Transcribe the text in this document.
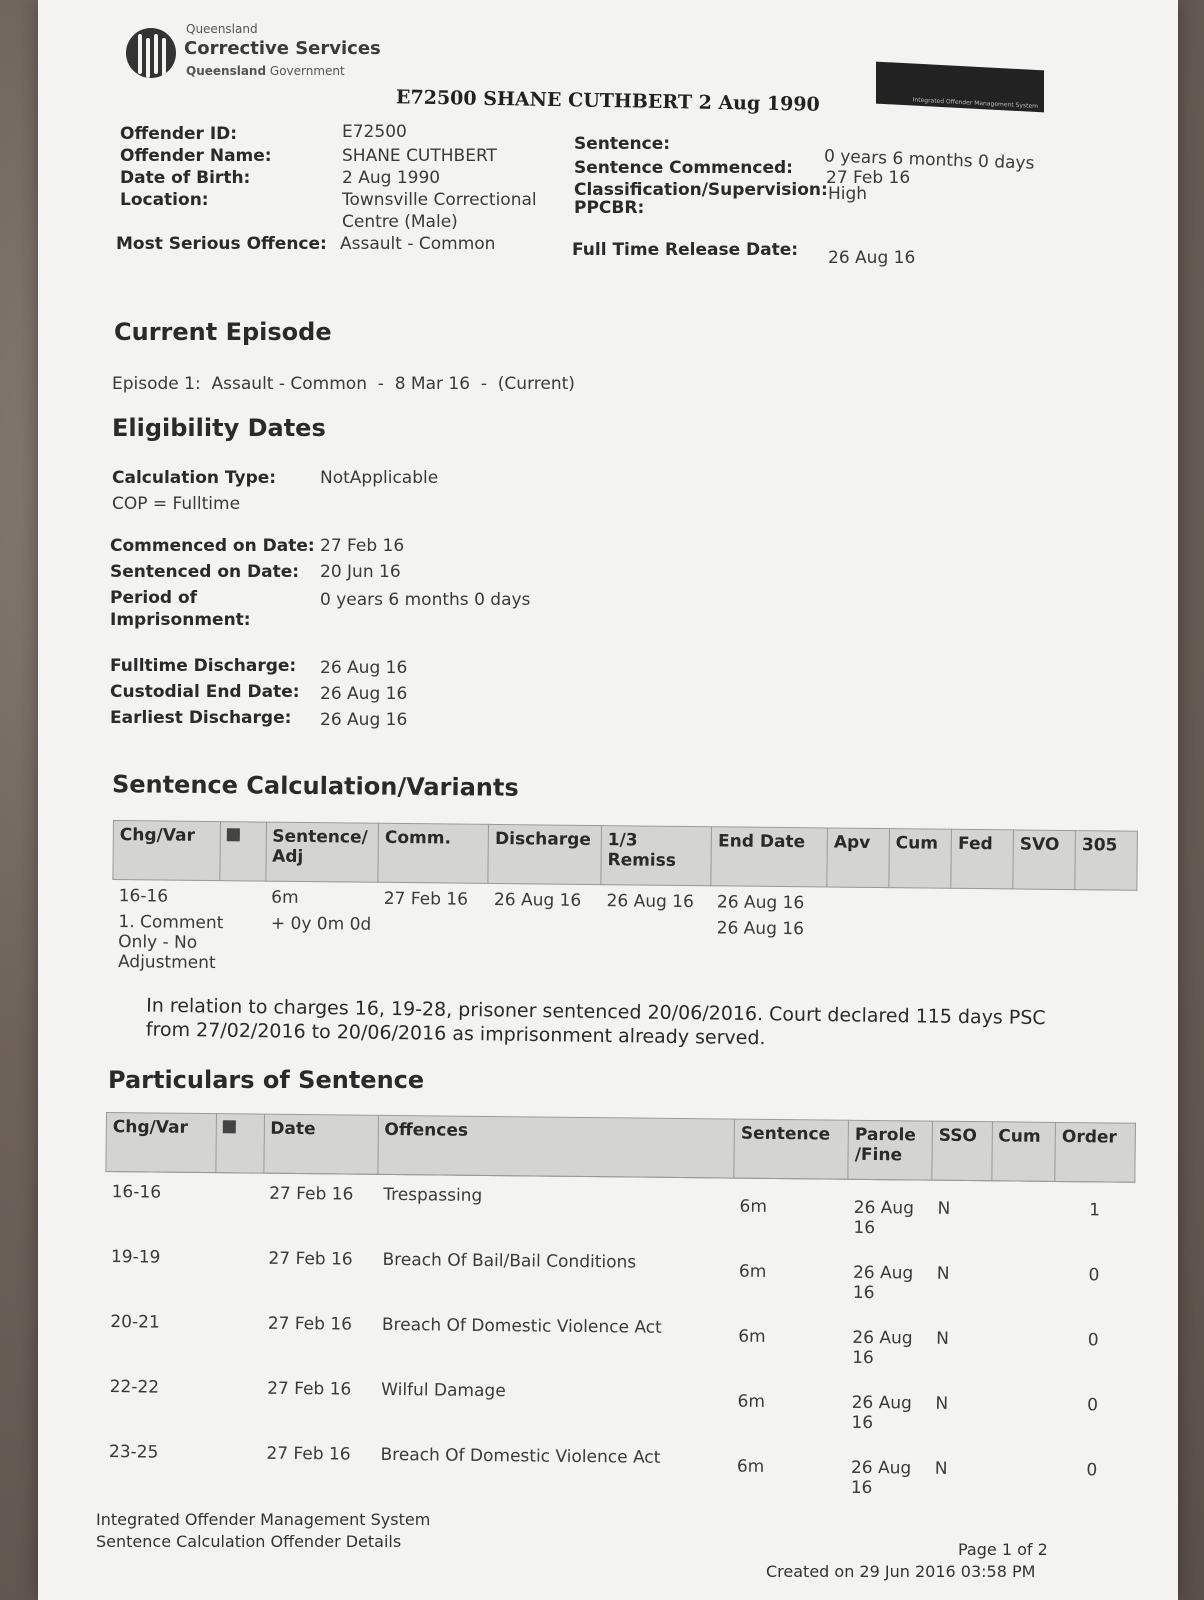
Queensland
Corrective Services
Queensland Government
Integrated Offender Management System
E72500 SHANE CUTHBERT 2 Aug 1990
Offender ID:	E72500
Offender Name:	SHANE CUTHBERT
Date of Birth:	2 Aug 1990
Location:	Townsville Correctional
Centre (Male)
Most Serious Offence: Assault - Common
Sentence:
Sentence Commenced:
Classification/Supervision: High
PPCBR:
0 years 6 months 0 days
27 Feb 16
Full Time Release Date: 26 Aug 16
Current Episode
Episode 1: Assault - Common  -  8 Mar 16  -  (Current)
Eligibility Dates
Calculation Type:	NotApplicable
COP = Fulltime
Commenced on Date: 27 Feb 16
Sentenced on Date: 20 Jun 16
Period of
Imprisonment:
0 years 6 months 0 days
Fulltime Discharge: 26 Aug 16
Custodial End Date: 26 Aug 16
Earliest Discharge: 26 Aug 16
Sentence Calculation/Variants
Chg/Var		Sentence/ Adj	Comm.	Discharge	1/3 Remiss	End Date	Apv	Cum	Fed	SVO	305
16-16		6m	27 Feb 16	26 Aug 16	26 Aug 16	26 Aug 16					
1. Comment Only - No Adjustment		+ 0y 0m 0d				26 Aug 16					
In relation to charges 16, 19-28, prisoner sentenced 20/06/2016. Court declared 115 days PSC from 27/02/2016 to 20/06/2016 as imprisonment already served.
Particulars of Sentence
Chg/Var		Date	Offences	Sentence	Parole /Fine	SSO	Cum	Order
16-16		27 Feb 16	Trespassing	6m	26 Aug 16	N		1
19-19		27 Feb 16	Breach Of Bail/Bail Conditions	6m	26 Aug 16	N		0
20-21		27 Feb 16	Breach Of Domestic Violence Act	6m	26 Aug 16	N		0
22-22		27 Feb 16	Wilful Damage	6m	26 Aug 16	N		0
23-25		27 Feb 16	Breach Of Domestic Violence Act	6m	26 Aug 16	N		0
Integrated Offender Management System
Sentence Calculation Offender Details	Page 1 of 2
Created on 29 Jun 2016 03:58 PM
